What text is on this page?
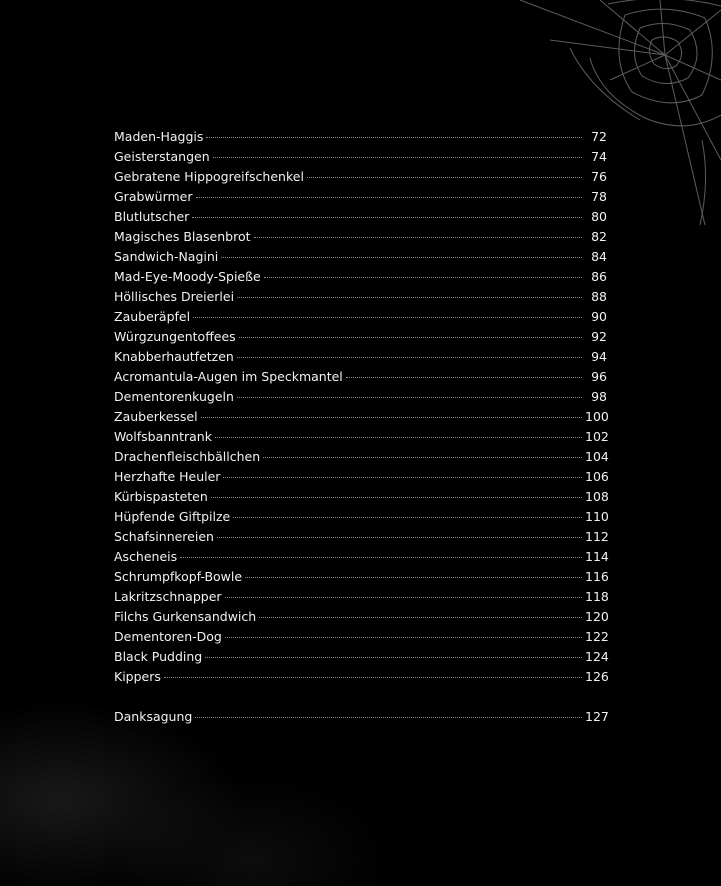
Maden-Haggis	72
Geisterstangen	74
Gebratene Hippogreifschenkel	76
Grabwürmer	78
Blutlutscher	80
Magisches Blasenbrot	82
Sandwich-Nagini	84
Mad-Eye-Moody-Spieße	86
Höllisches Dreierlei	88
Zauberäpfel	90
Würgzungentoffees	92
Knabberhautfetzen	94
Acromantula-Augen im Speckmantel	96
Dementorenkugeln	98
Zauberkessel	100
Wolfsbanntrank	102
Drachenfleischbällchen	104
Herzhafte Heuler	106
Kürbispasteten	108
Hüpfende Giftpilze	110
Schafsinnereien	112
Ascheneis	114
Schrumpfkopf-Bowle	116
Lakritzschnapper	118
Filchs Gurkensandwich	120
Dementoren-Dog	122
Black Pudding	124
Kippers	126
Danksagung	127
